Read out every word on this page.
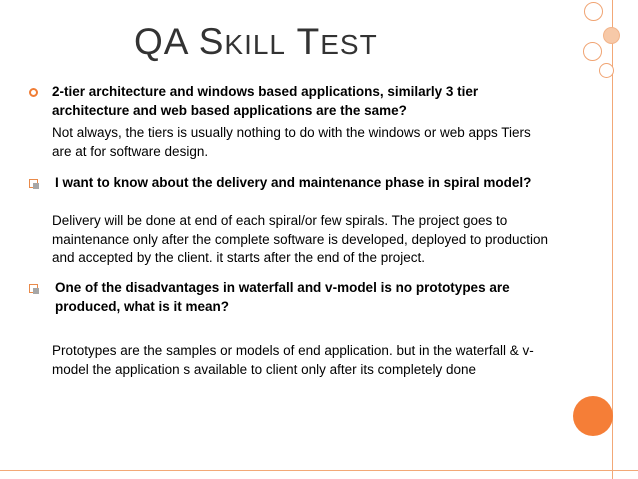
QA SKILL TEST
2-tier architecture and windows based applications, similarly 3 tier architecture and web based applications are the same?
Not always, the tiers is usually nothing to do with the windows or web apps Tiers are at for software design.
I want to know about the delivery and maintenance phase in spiral model?
Delivery will be done at end of each spiral/or few spirals. The project goes to maintenance only after the complete software is developed, deployed to production and accepted by the client. it starts after the end of the project.
One of the disadvantages in waterfall and v-model is no prototypes are produced, what is it mean?
Prototypes are the samples or models of end application. but in the waterfall & v-model the application s available to client only after its completely done
